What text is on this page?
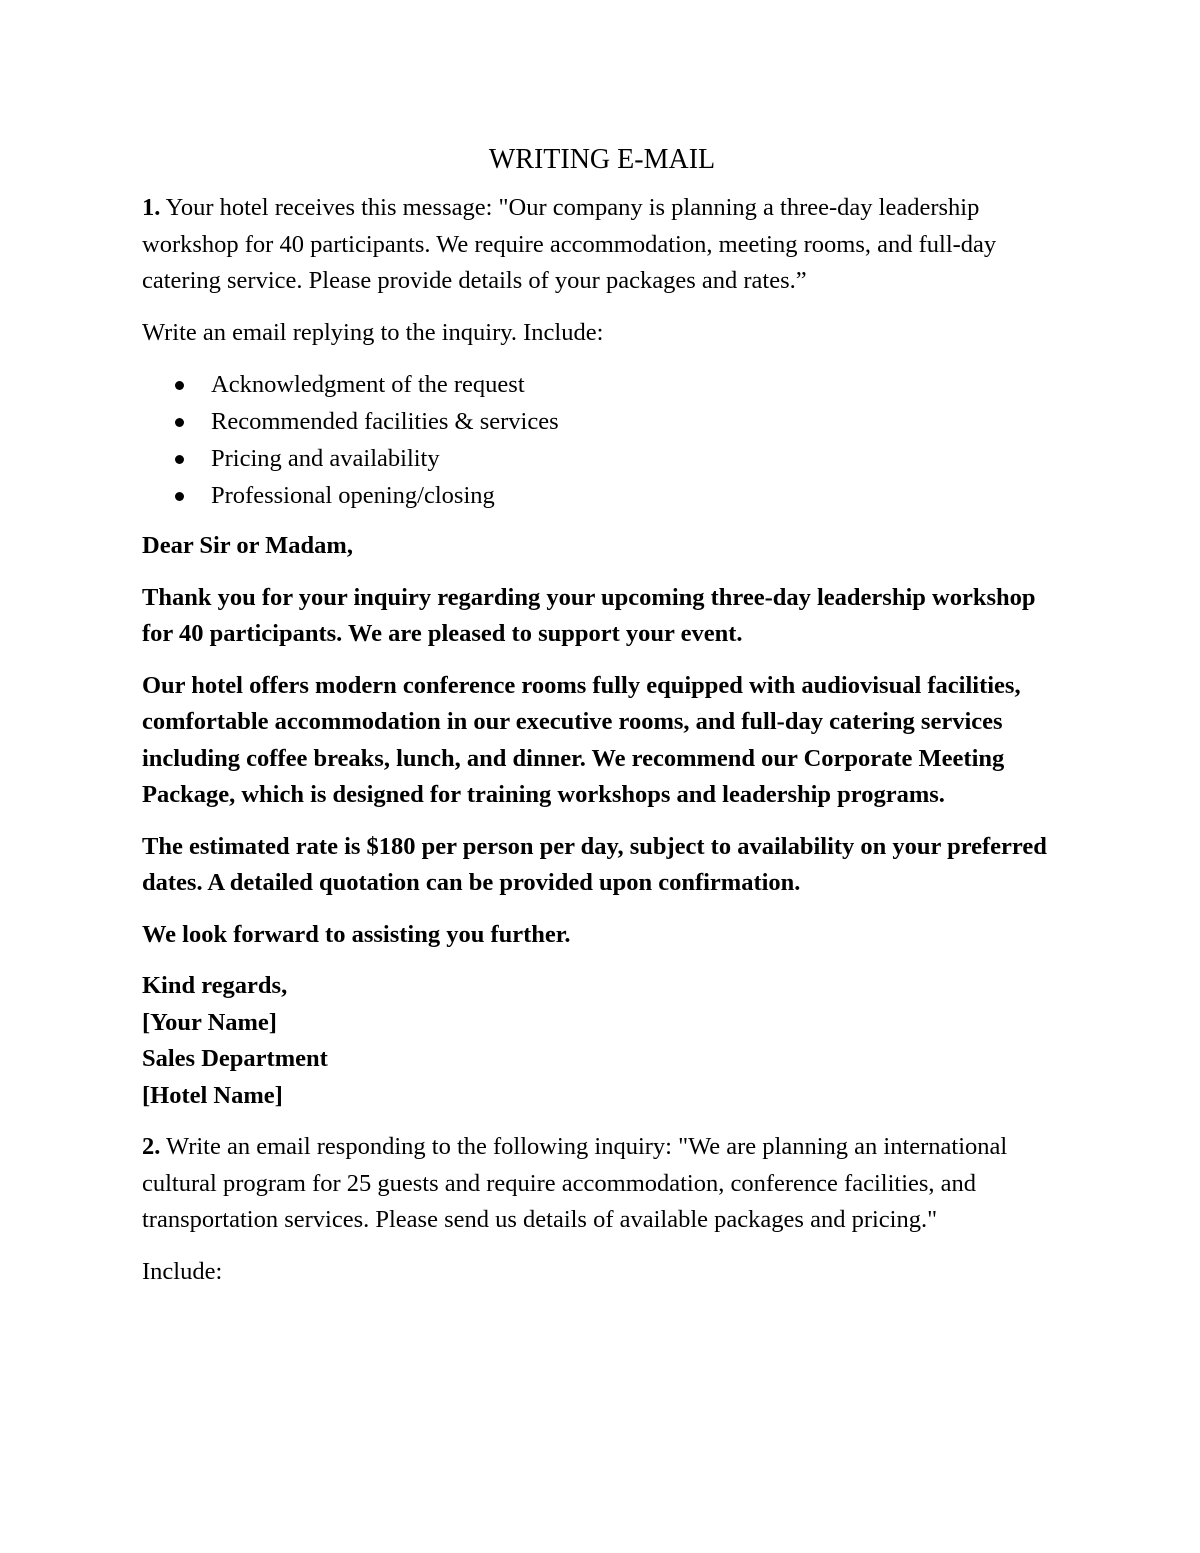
WRITING E-MAIL

1. Your hotel receives this message: "Our company is planning a three-day leadership workshop for 40 participants. We require accommodation, meeting rooms, and full-day catering service. Please provide details of your packages and rates.”

Write an email replying to the inquiry. Include:

Acknowledgment of the request
Recommended facilities & services
Pricing and availability
Professional opening/closing

Dear Sir or Madam,

Thank you for your inquiry regarding your upcoming three-day leadership workshop for 40 participants. We are pleased to support your event.

Our hotel offers modern conference rooms fully equipped with audiovisual facilities, comfortable accommodation in our executive rooms, and full-day catering services including coffee breaks, lunch, and dinner. We recommend our Corporate Meeting Package, which is designed for training workshops and leadership programs.

The estimated rate is $180 per person per day, subject to availability on your preferred dates. A detailed quotation can be provided upon confirmation.

We look forward to assisting you further.

Kind regards,

[Your Name]

Sales Department

[Hotel Name]

2. Write an email responding to the following inquiry: "We are planning an international cultural program for 25 guests and require accommodation, conference facilities, and transportation services. Please send us details of available packages and pricing."

Include:
